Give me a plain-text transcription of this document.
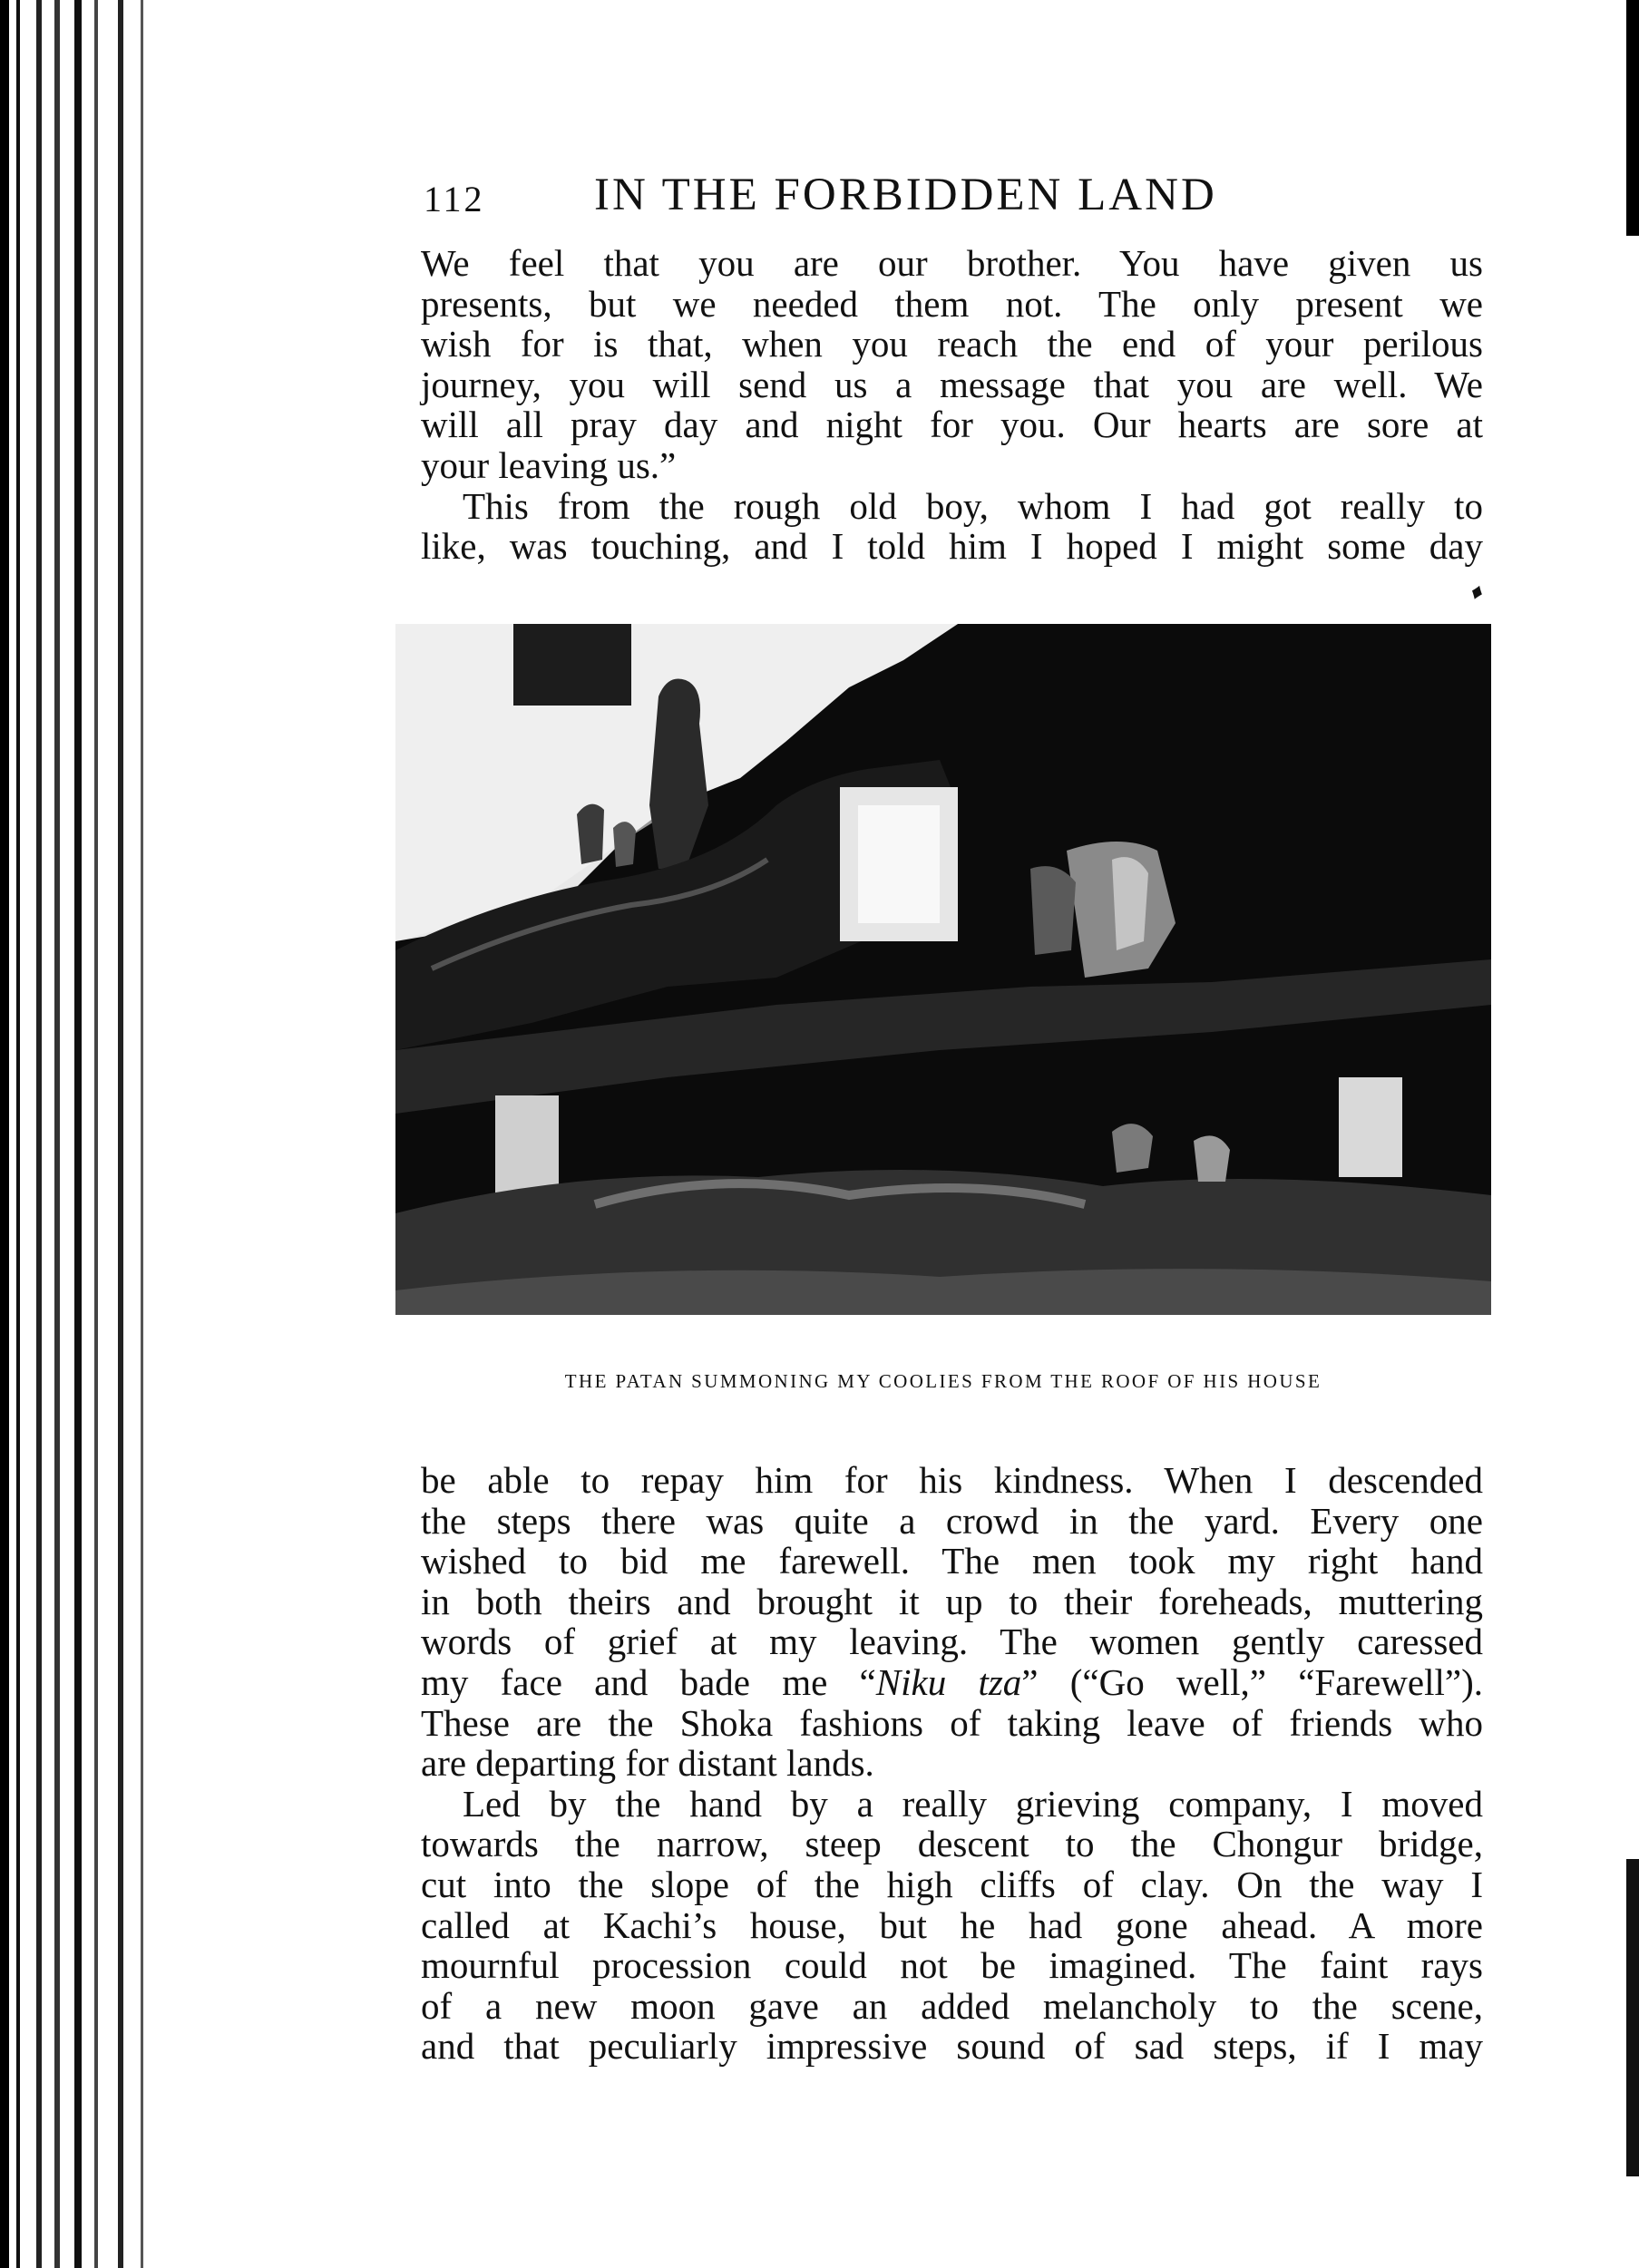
112 IN THE FORBIDDEN LAND
We feel that you are our brother. You have given us
presents, but we needed them not. The only present we
wish for is that, when you reach the end of your perilous
journey, you will send us a message that you are well. We
will all pray day and night for you. Our hearts are sore at
your leaving us.”
This from the rough old boy, whom I had got really to
like, was touching, and I told him I hoped I might some day
♦
THE PATAN SUMMONING MY COOLIES FROM THE ROOF OF HIS HOUSE
be able to repay him for his kindness. When I descended
the steps there was quite a crowd in the yard. Every one
wished to bid me farewell. The men took my right hand
in both theirs and brought it up to their foreheads, muttering
words of grief at my leaving. The women gently caressed
my face and bade me “Niku tza” (“Go well,” “Farewell”).
These are the Shoka fashions of taking leave of friends who
are departing for distant lands.
Led by the hand by a really grieving company, I moved
towards the narrow, steep descent to the Chongur bridge,
cut into the slope of the high cliffs of clay. On the way I
called at Kachi’s house, but he had gone ahead. A more
mournful procession could not be imagined. The faint rays
of a new moon gave an added melancholy to the scene,
and that peculiarly impressive sound of sad steps, if I may
